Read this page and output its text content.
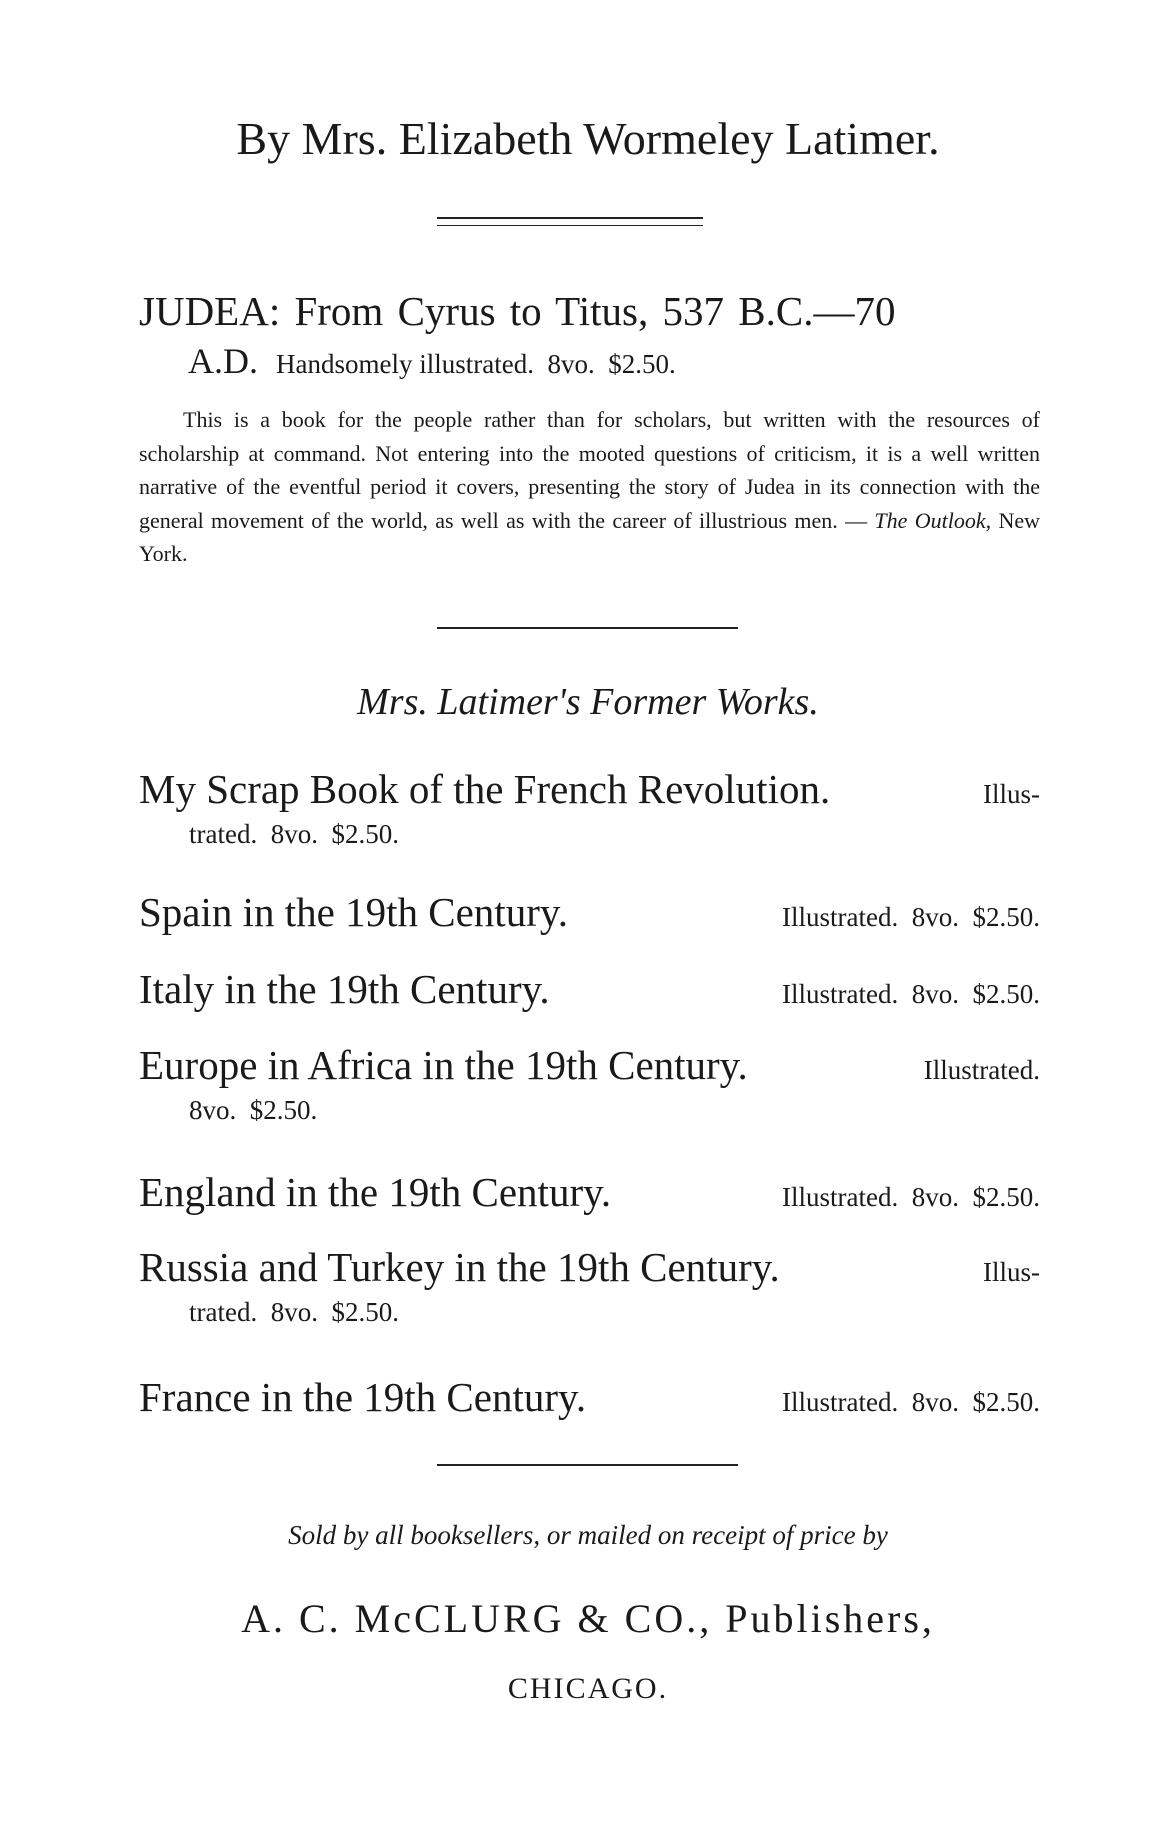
By Mrs. Elizabeth Wormeley Latimer.
JUDEA: From Cyrus to Titus, 537 B.C.—70
A.D. Handsomely illustrated.  8vo.  $2.50.
This is a book for the people rather than for scholars, but written with the resources of scholarship at command. Not entering into the mooted questions of criticism, it is a well written narrative of the eventful period it covers, presenting the story of Judea in its connection with the general movement of the world, as well as with the career of illustrious men. — The Outlook, New York.
Mrs. Latimer's Former Works.
My Scrap Book of the French Revolution.	Illus-
trated.  8vo.  $2.50.
Spain in the 19th Century.	Illustrated.  8vo.  $2.50.
Italy in the 19th Century.	Illustrated.  8vo.  $2.50.
Europe in Africa in the 19th Century.	Illustrated.
8vo.  $2.50.
England in the 19th Century.	Illustrated.  8vo.  $2.50.
Russia and Turkey in the 19th Century.	Illus-
trated.  8vo.  $2.50.
France in the 19th Century.	Illustrated.  8vo.  $2.50.
Sold by all booksellers, or mailed on receipt of price by
A. C. McCLURG & CO., Publishers,
CHICAGO.
